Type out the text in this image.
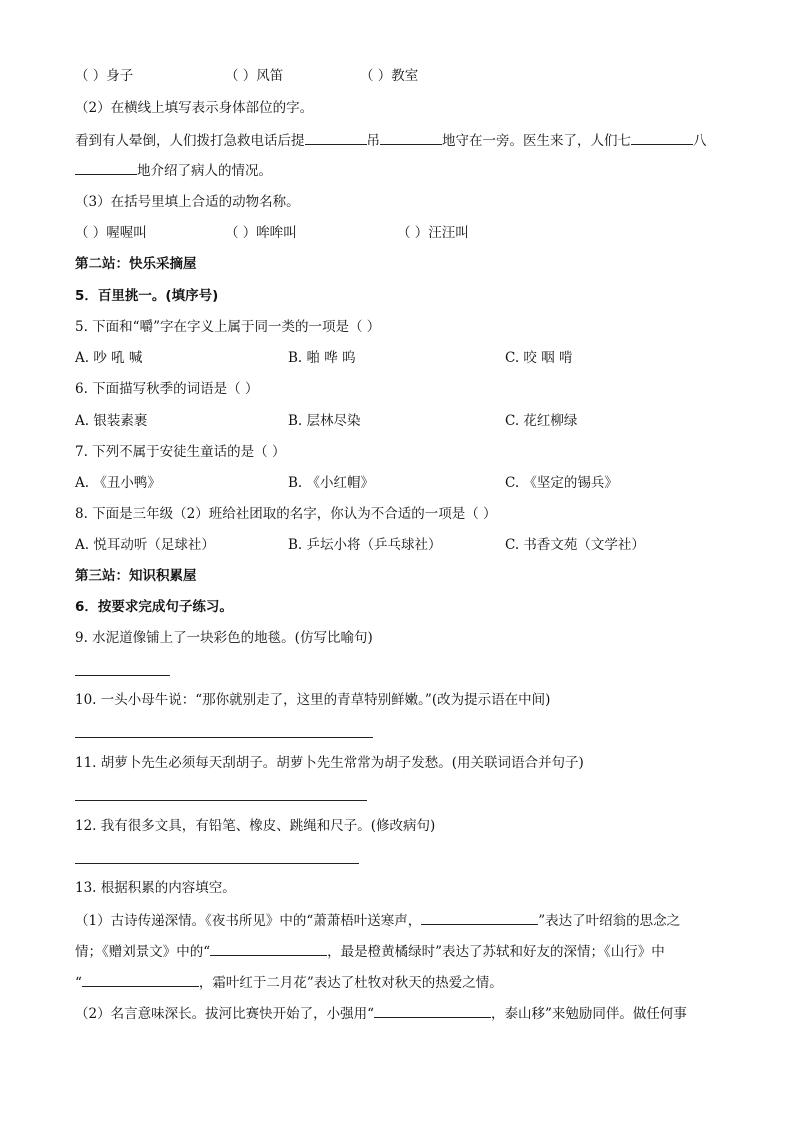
（ ）身子	（ ）风笛	（ ）教室
（2）在横线上填写表示身体部位的字。
看到有人晕倒，人们拨打急救电话后提	吊	地守在一旁。医生来了，人们七	八
地介绍了病人的情况。
（3）在括号里填上合适的动物名称。
（ ）喔喔叫	（ ）哞哞叫	（ ）汪汪叫
第二站：快乐采摘屋
5．百里挑一。(填序号)
5. 下面和“嚼”字在字义上属于同一类的一项是（ ）
A. 吵 吼 喊	B. 啪 哗 呜	C. 咬 咽 啃
6. 下面描写秋季的词语是（ ）
A. 银装素裹	B. 层林尽染	C. 花红柳绿
7. 下列不属于安徒生童话的是（ ）
A. 《丑小鸭》	B. 《小红帽》	C. 《坚定的锡兵》
8. 下面是三年级（2）班给社团取的名字，你认为不合适的一项是（ ）
A. 悦耳动听（足球社）	B. 乒坛小将（乒乓球社）	C. 书香文苑（文学社）
第三站：知识积累屋
6．按要求完成句子练习。
9. 水泥道像铺上了一块彩色的地毯。(仿写比喻句)
10. 一头小母牛说：“那你就别走了，这里的青草特别鲜嫩。”(改为提示语在中间)
11. 胡萝卜先生必须每天刮胡子。胡萝卜先生常常为胡子发愁。(用关联词语合并句子)
12. 我有很多文具，有铅笔、橡皮、跳绳和尺子。(修改病句)
13. 根据积累的内容填空。
（1）古诗传递深情。《夜书所见》中的“萧萧梧叶送寒声，	”表达了叶绍翁的思念之
情；《赠刘景文》中的“	，最是橙黄橘绿时”表达了苏轼和好友的深情；《山行》中
“	，霜叶红于二月花”表达了杜牧对秋天的热爱之情。
（2）名言意味深长。拔河比赛快开始了，小强用“	，泰山移”来勉励同伴。做任何事
